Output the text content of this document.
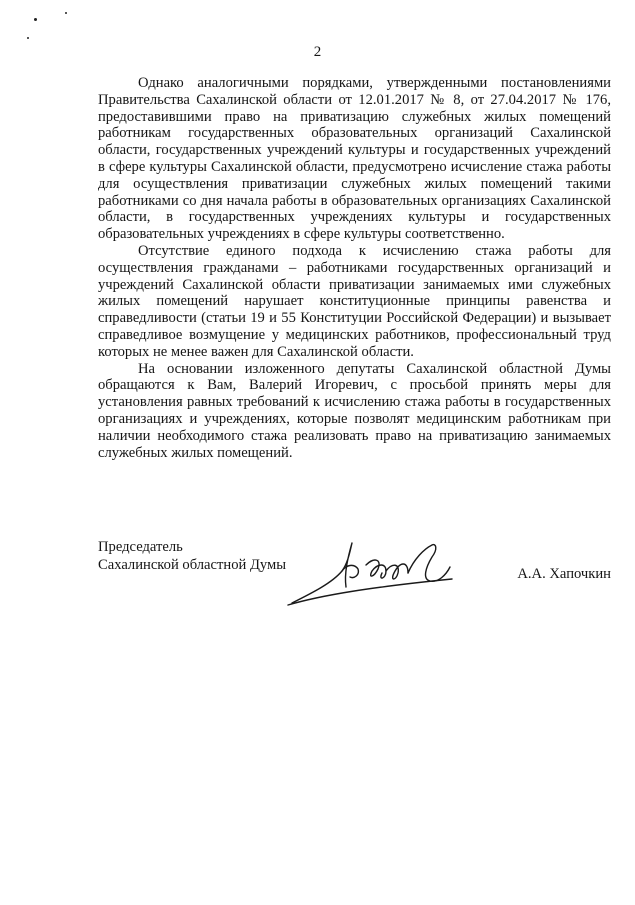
2

Однако аналогичными порядками, утвержденными постановлениями Правительства Сахалинской области от 12.01.2017 № 8, от 27.04.2017 № 176, предоставившими право на приватизацию служебных жилых помещений работникам государственных образовательных организаций Сахалинской области, государственных учреждений культуры и государственных учреждений в сфере культуры Сахалинской области, предусмотрено исчисление стажа работы для осуществления приватизации служебных жилых помещений такими работниками со дня начала работы в образовательных организациях Сахалинской области, в государственных учреждениях культуры и государственных образовательных учреждениях в сфере культуры соответственно.

Отсутствие единого подхода к исчислению стажа работы для осуществления гражданами – работниками государственных организаций и учреждений Сахалинской области приватизации занимаемых ими служебных жилых помещений нарушает конституционные принципы равенства и справедливости (статьи 19 и 55 Конституции Российской Федерации) и вызывает справедливое возмущение у медицинских работников, профессиональный труд которых не менее важен для Сахалинской области.

На основании изложенного депутаты Сахалинской областной Думы обращаются к Вам, Валерий Игоревич, с просьбой принять меры для установления равных требований к исчислению стажа работы в государственных организациях и учреждениях, которые позволят медицинским работникам при наличии необходимого стажа реализовать право на приватизацию занимаемых служебных жилых помещений.

Председатель
Сахалинской областной Думы
А.А. Хапочкин
